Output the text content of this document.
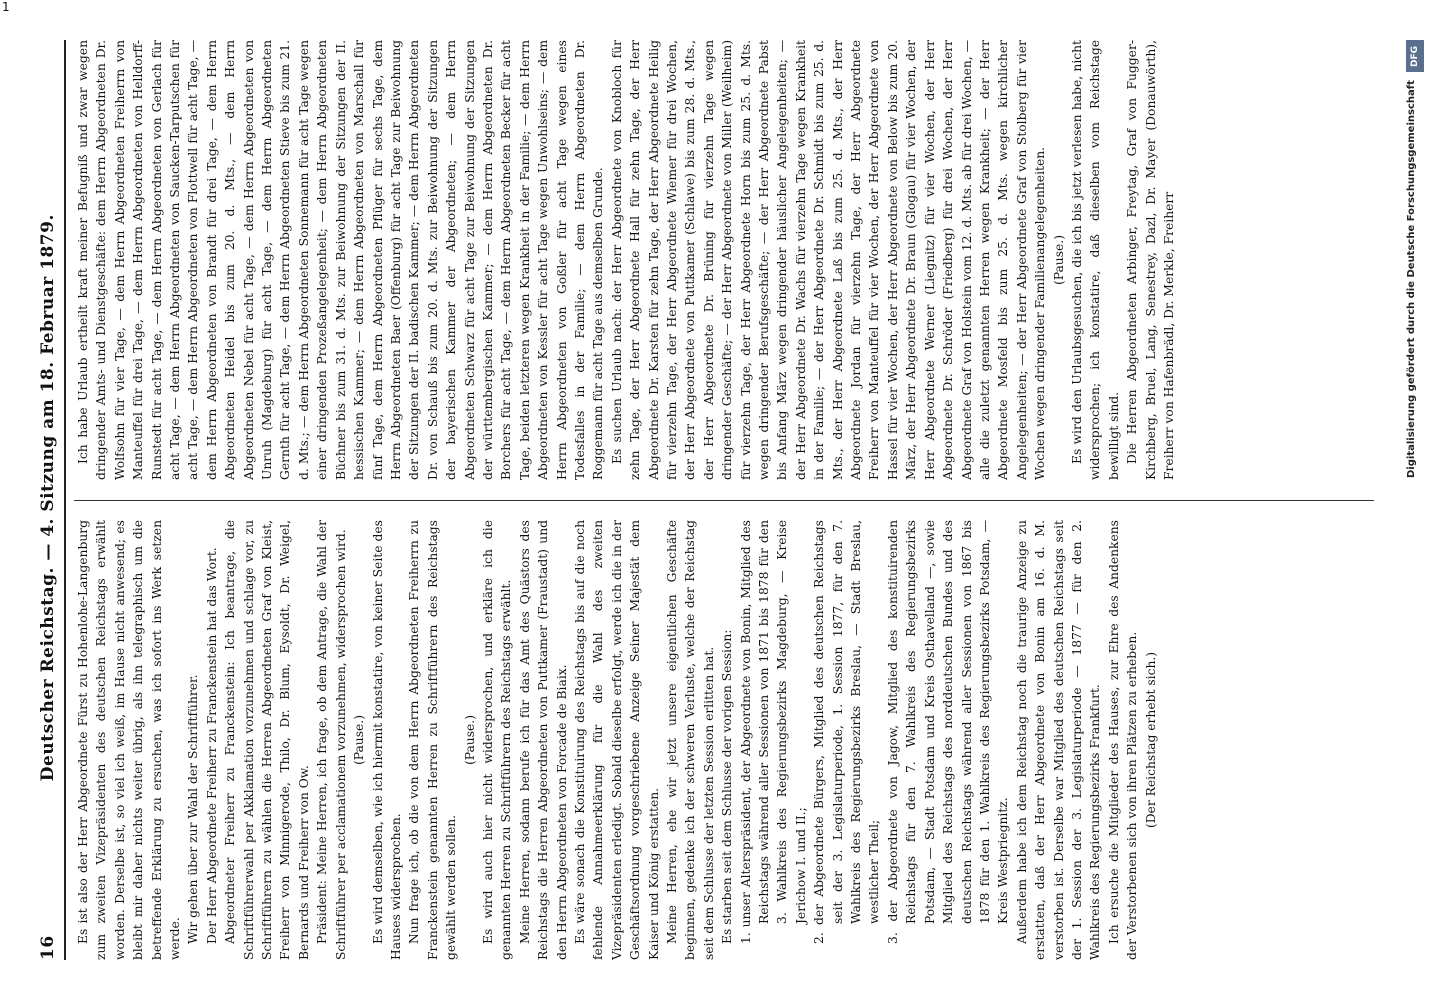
1
16
Deutscher Reichstag. — 4. Sitzung am 18. Februar 1879. Es ist also der Herr Abgeordnete Fürst zu Hohenlohe-Langenburg zum zweiten Vizepräsidenten des deutschen Reichstags erwählt worden. Derselbe ist, so viel ich weiß, im Hause nicht anwesend; es bleibt mir daher nichts weiter übrig, als ihn telegraphisch um die betreffende Erklärung zu ersuchen, was ich sofort ins Werk setzen werde. Wir gehen über zur Wahl der Schriftführer. Der Herr Abgeordnete Freiherr zu Franckenstein hat das Wort. Abgeordneter Freiherr zu Franckenstein: Ich beantrage, die Schriftführerwahl per Akklamation vorzunehmen und schlage vor, zu Schriftführern zu wählen die Herren Abgeordneten Graf von Kleist, Freiherr von Minnigerode, Thilo, Dr. Blum, Eysoldt, Dr. Weigel, Bernards und Freiherr von Ow. Präsident: Meine Herren, ich frage, ob dem Antrage, die Wahl der Schriftführer per acclamationem vorzunehmen, widersprochen wird. (Pause.) Es wird demselben, wie ich hiermit konstatire, von keiner Seite des Hauses widersprochen. Nun frage ich, ob die von dem Herrn Abgeordneten Freiherrn zu Franckenstein genannten Herren zu Schriftführern des Reichstags gewählt werden sollen.

(Pause.) Es wird auch hier nicht widersprochen, und erkläre ich die genannten Herren zu Schriftführern des Reichstags erwählt. Meine Herren, sodann berufe ich für das Amt des Quästors des Reichstags die Herren Abgeordneten von Puttkamer (Fraustadt) und den Herrn Abgeordneten von Forcade de Biaix. Es wäre sonach die Konstituirung des Reichstags bis auf die noch fehlende Annahmeerklärung für die Wahl des zweiten Vizepräsidenten erledigt. Sobald dieselbe erfolgt, werde ich die in der Geschäftsordnung vorgeschriebene Anzeige Seiner Majestät dem Kaiser und König erstatten. Meine Herren, ehe wir jetzt unsere eigentlichen Geschäfte beginnen, gedenke ich der schweren Verluste, welche der Reichstag seit dem Schlusse der letzten Session erlitten hat. Es starben seit dem Schlusse der vorigen Session: 1. unser Alterspräsident, der Abgeordnete von Bonin, Mitglied des Reichstags während aller Sessionen von 1871 bis 1878 für den 3. Wahlkreis des Regierungsbezirks Magdeburg, — Kreise Jerichow I. und II.; 2. der Abgeordnete Bürgers, Mitglied des deutschen Reichstags seit der 3. Legislaturperiode, 1. Session 1877, für den 7. Wahlkreis des Regierungsbezirks Breslau, — Stadt Breslau, westlicher Theil; 3. der Abgeordnete von Jagow, Mitglied des konstituirenden Reichstags für den 7. Wahlkreis des Regierungsbezirks Potsdam, — Stadt Potsdam und Kreis Osthavelland —, sowie Mitglied des Reichstags des norddeutschen Bundes und des deutschen Reichstags während aller Sessionen von 1867 bis 1878 für den 1. Wahlkreis des Regierungsbezirks Potsdam, — Kreis Westpriegnitz. Außerdem habe ich dem Reichstag noch die traurige Anzeige zu erstatten, daß der Herr Abgeordnete von Bonin am 16. d. M. verstorben ist. Derselbe war Mitglied des deutschen Reichstags seit der 1. Session der 3. Legislaturperiode — 1877 — für den 2. Wahlkreis des Regierungsbezirks Frankfurt. Ich ersuche die Mitglieder des Hauses, zur Ehre des Andenkens der Verstorbenen sich von ihren Plätzen zu erheben. (Der Reichstag erhebt sich.)

Ich habe Urlaub ertheilt kraft meiner Befugniß und zwar wegen dringender Amts- und Dienstgeschäfte: dem Herrn Abgeordneten Dr. Wolfsohn für vier Tage, — dem Herrn Abgeordneten Freiherrn von Manteuffel für drei Tage, — dem Herrn Abgeordneten von Helldorff-Runstedt für acht Tage, — dem Herrn Abgeordneten von Gerlach für acht Tage, — dem Herrn Abgeordneten von Saucken-Tarputschen für acht Tage, — dem Herrn Abgeordneten von Flottwell für acht Tage, — dem Herrn Abgeordneten von Brandt für drei Tage, — dem Herrn Abgeordneten Heidel bis zum 20. d. Mts., — dem Herrn Abgeordneten Nebel für acht Tage, — dem Herrn Abgeordneten von Unruh (Magdeburg) für acht Tage, — dem Herrn Abgeordneten Gernth für acht Tage, — dem Herrn Abgeordneten Stieve bis zum 21. d. Mts.; — dem Herrn Abgeordneten Sonnemann für acht Tage wegen einer dringenden Prozeßangelegenheit; — dem Herrn Abgeordneten Büchner bis zum 31. d. Mts. zur Beiwohnung der Sitzungen der II. hessischen Kammer; — dem Herrn Abgeordneten von Marschall für fünf Tage, dem Herrn Abgeordneten Pflüger für sechs Tage, dem Herrn Abgeordneten Baer (Offenburg) für acht Tage zur Beiwohnung der Sitzungen der II. badischen Kammer; — dem Herrn Abgeordneten Dr. von Schauß bis zum 20. d. Mts. zur Beiwohnung der Sitzungen der bayerischen Kammer der Abgeordneten; — dem Herrn Abgeordneten Schwarz für acht Tage zur Beiwohnung der Sitzungen der württembergischen Kammer; — dem Herrn Abgeordneten Dr. Borchers für acht Tage, — dem Herrn Abgeordneten Becker für acht Tage, beiden letzteren wegen Krankheit in der Familie; — dem Herrn Abgeordneten von Kessler für acht Tage wegen Unwohlseins; — dem Herrn Abgeordneten von Goßler für acht Tage wegen eines Todesfalles in der Familie; — dem Herrn Abgeordneten Dr. Roggemann für acht Tage aus demselben Grunde. Es suchen Urlaub nach: der Herr Abgeordnete von Knobloch für zehn Tage, der Herr Abgeordnete Hall für zehn Tage, der Herr Abgeordnete Dr. Karsten für zehn Tage, der Herr Abgeordnete Heilig für vierzehn Tage, der Herr Abgeordnete Wiemer für drei Wochen, der Herr Abgeordnete von Puttkamer (Schlawe) bis zum 28. d. Mts., der Herr Abgeordnete Dr. Brüning für vierzehn Tage wegen dringender Geschäfte; — der Herr Abgeordnete von Miller (Weilheim) für vierzehn Tage, der Herr Abgeordnete Horn bis zum 25. d. Mts. wegen dringender Berufsgeschäfte; — der Herr Abgeordnete Pabst bis Anfang März wegen dringender häuslicher Angelegenheiten; — der Herr Abgeordnete Dr. Wachs für vierzehn Tage wegen Krankheit in der Familie; — der Herr Abgeordnete Dr. Schmidt bis zum 25. d. Mts., der Herr Abgeordnete Laß bis zum 25. d. Mts., der Herr Abgeordnete Jordan für vierzehn Tage, der Herr Abgeordnete Freiherr von Manteuffel für vier Wochen, der Herr Abgeordnete von Hassel für vier Wochen, der Herr Abgeordnete von Below bis zum 20. März, der Herr Abgeordnete Dr. Braun (Glogau) für vier Wochen, der Herr Abgeordnete Werner (Liegnitz) für vier Wochen, der Herr Abgeordnete Dr. Schröder (Friedberg) für drei Wochen, der Herr Abgeordnete Graf von Holstein vom 12. d. Mts. ab für drei Wochen, — alle die zuletzt genannten Herren wegen Krankheit; — der Herr Abgeordnete Mosfeld bis zum 25. d. Mts. wegen kirchlicher Angelegenheiten; — der Herr Abgeordnete Graf von Stolberg für vier Wochen wegen dringender Familienangelegenheiten. (Pause.) Es wird den Urlaubsgesuchen, die ich bis jetzt verlesen habe, nicht widersprochen; ich konstatire, daß dieselben vom Reichstage bewilligt sind. Die Herren Abgeordneten Arbinger, Freytag, Graf von Fugger-Kirchberg, Bruel, Lang, Senestrey, Dazl, Dr. Mayer (Donauwörth), Freiherr von Hafenbrädl, Dr. Merkle, Freiherr

DFG
Digitalisierung gefördert durch die Deutsche Forschungsgemeinschaft
